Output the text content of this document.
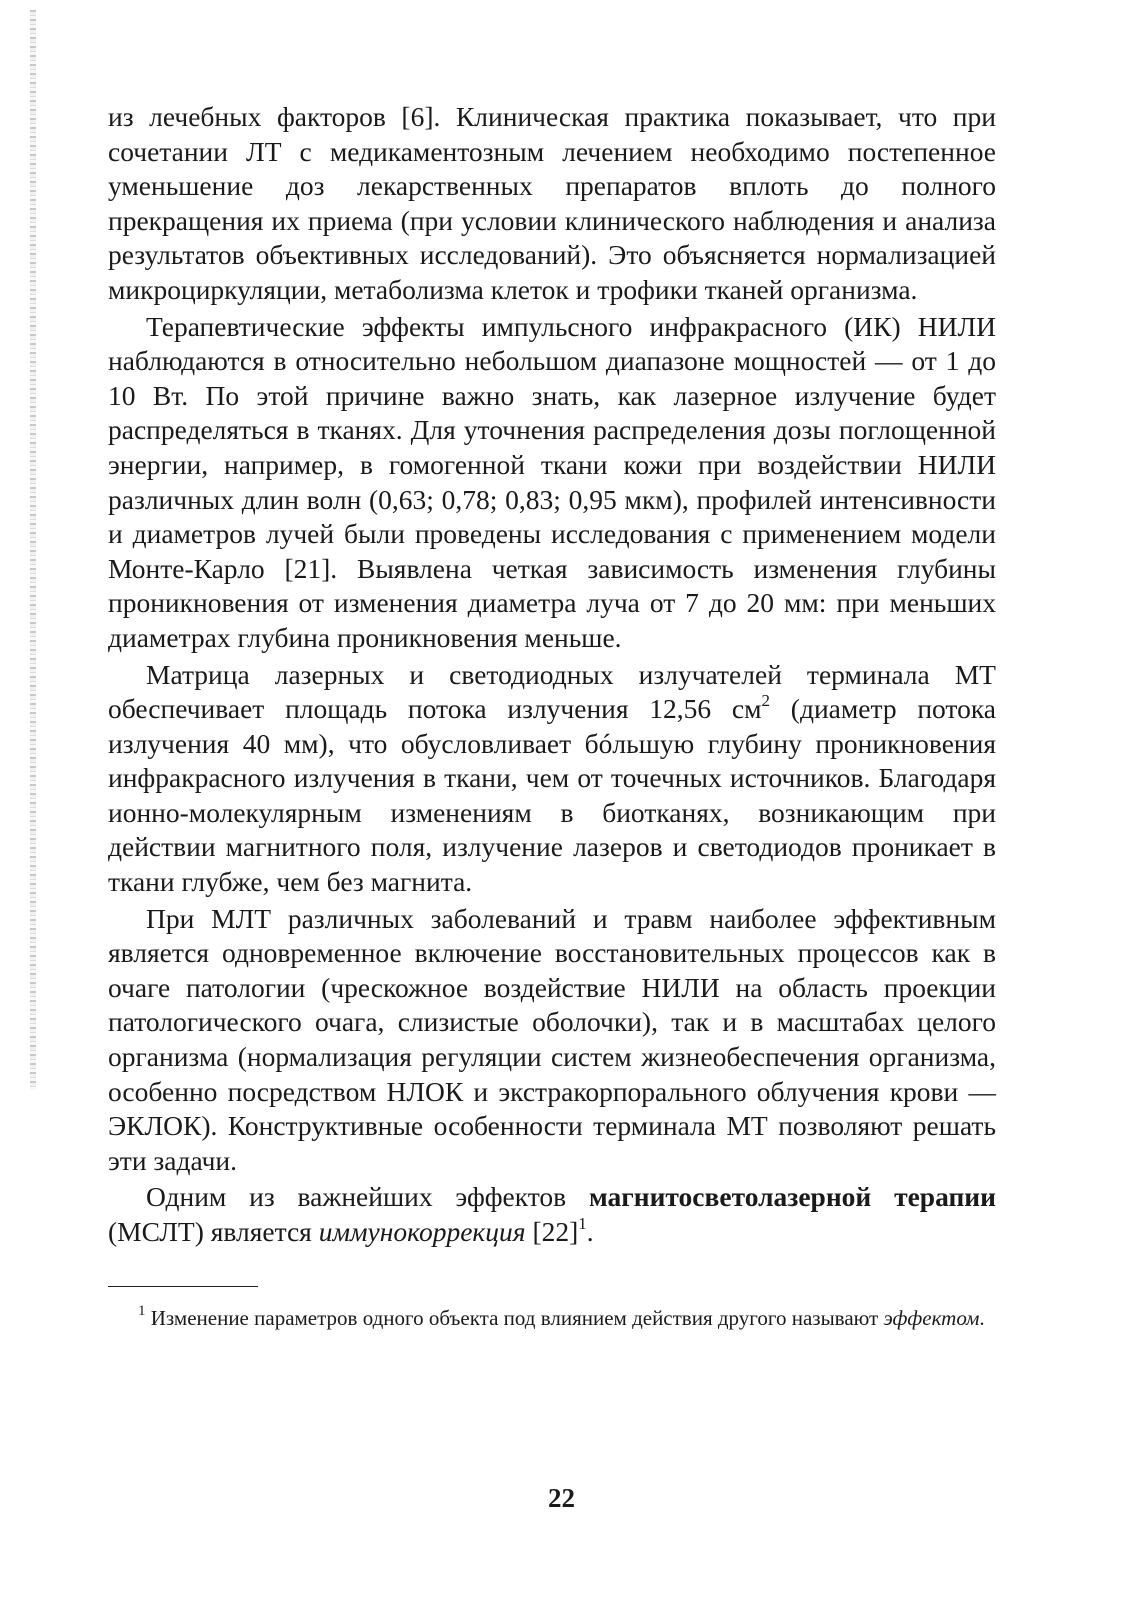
из лечебных факторов [6]. Клиническая практика показывает, что при сочетании ЛТ с медикаментозным лечением необходимо постепенное уменьшение доз лекарственных препаратов вплоть до полного прекращения их приема (при условии клинического наблюдения и анализа результатов объективных исследований). Это объясняется нормализацией микроциркуляции, метаболизма клеток и трофики тканей организма.

Терапевтические эффекты импульсного инфракрасного (ИК) НИЛИ наблюдаются в относительно небольшом диапазоне мощностей — от 1 до 10 Вт. По этой причине важно знать, как лазерное излучение будет распределяться в тканях. Для уточнения распределения дозы поглощенной энергии, например, в гомогенной ткани кожи при воздействии НИЛИ различных длин волн (0,63; 0,78; 0,83; 0,95 мкм), профилей интенсивности и диаметров лучей были проведены исследования с применением модели Монте-Карло [21]. Выявлена четкая зависимость изменения глубины проникновения от изменения диаметра луча от 7 до 20 мм: при меньших диаметрах глубина проникновения меньше.

Матрица лазерных и светодиодных излучателей терминала МТ обеспечивает площадь потока излучения 12,56 $см^2$ (диаметр потока излучения 40 мм), что обусловливает бóльшую глубину проникновения инфракрасного излучения в ткани, чем от точечных источников. Благодаря ионно-молекулярным изменениям в биотканях, возникающим при действии магнитного поля, излучение лазеров и светодиодов проникает в ткани глубже, чем без магнита.

При МЛТ различных заболеваний и травм наиболее эффективным является одновременное включение восстановительных процессов как в очаге патологии (чрескожное воздействие НИЛИ на область проекции патологического очага, слизистые оболочки), так и в масштабах целого организма (нормализация регуляции систем жизнеобеспечения организма, особенно посредством НЛОК и экстракорпорального облучения крови — ЭКЛОК). Конструктивные особенности терминала МТ позволяют решать эти задачи.

Одним из важнейших эффектов магнитосветолазерной терапии (МСЛТ) является иммунокоррекция $[22]^1$.

$^1$ Изменение параметров одного объекта под влиянием действия другого называют эффектом.

22
